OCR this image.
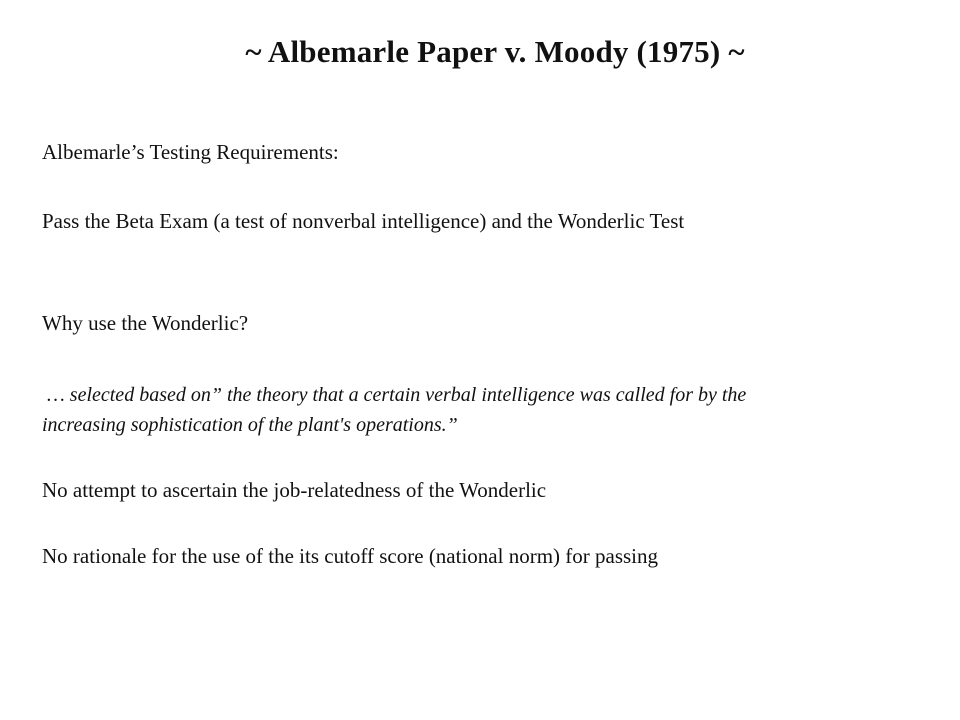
~ Albemarle Paper v. Moody (1975) ~
Albemarle’s Testing Requirements:
Pass the Beta Exam (a test of nonverbal intelligence) and the Wonderlic Test
Why use the Wonderlic?
… selected based on” the theory that a certain verbal intelligence was called for by the
increasing sophistication of the plant's operations.”
No attempt to ascertain the job-relatedness of the Wonderlic
No rationale for the use of the its cutoff score (national norm) for passing
